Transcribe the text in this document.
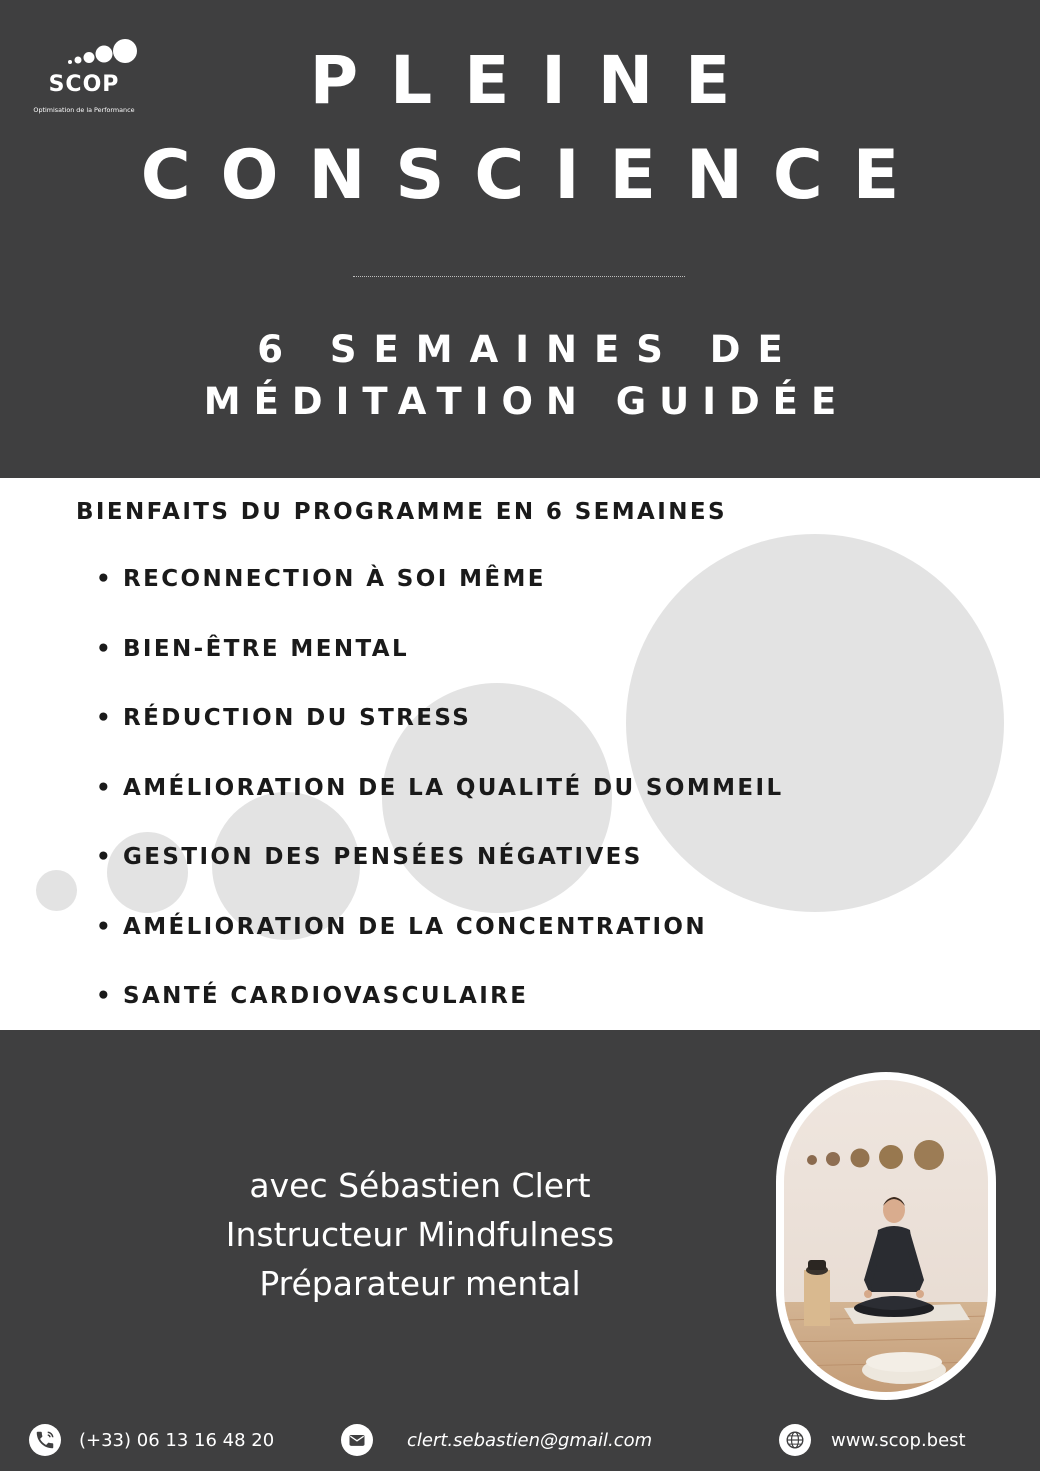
SCOP
Optimisation de la Performance	PLEINE
CONSCIENCE
6 SEMAINES DE
MÉDITATION GUIDÉE
BIENFAITS DU PROGRAMME EN 6 SEMAINES
• RECONNECTION À SOI MÊME
• BIEN-ÊTRE MENTAL
• RÉDUCTION DU STRESS
• AMÉLIORATION DE LA QUALITÉ DU SOMMEIL
• GESTION DES PENSÉES NÉGATIVES
• AMÉLIORATION DE LA CONCENTRATION
• SANTÉ CARDIOVASCULAIRE
avec Sébastien Clert
Instructeur Mindfulness
Préparateur mental
(+33) 06 13 16 48 20	clert.sebastien@gmail.com	www.scop.best
